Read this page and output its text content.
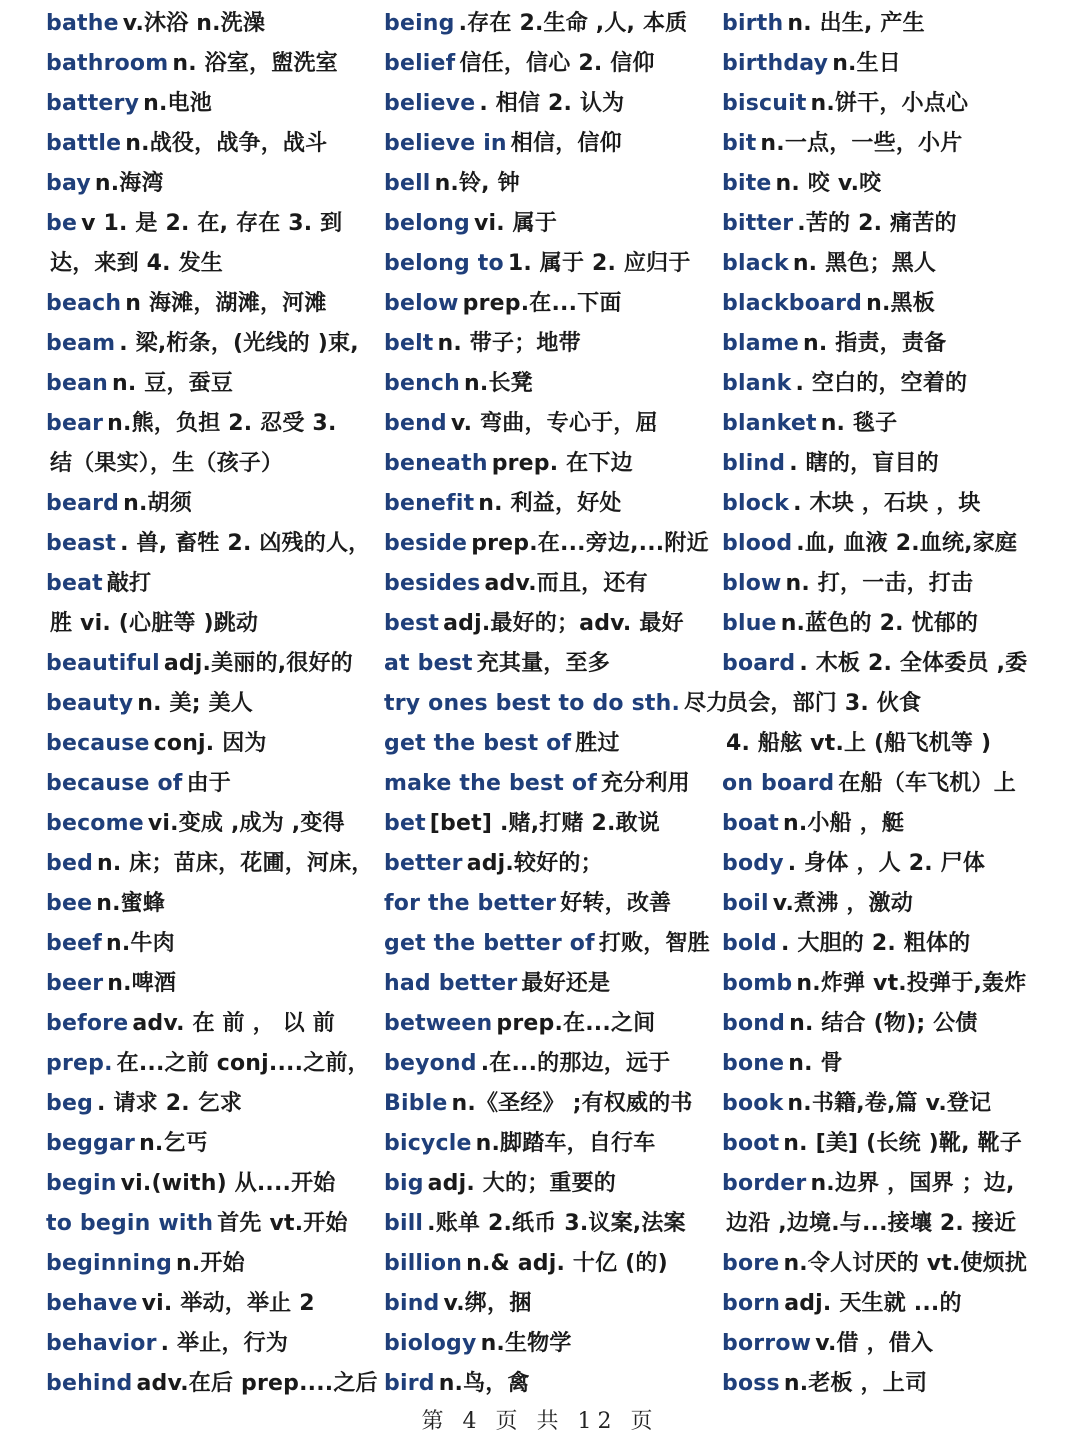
bathe v.沐浴 n.洗澡
bathroom n. 浴室，盥洗室
battery n.电池
battle n.战役，战争，战斗
bay n.海湾
be v 1. 是 2. 在, 存在 3. 到
达，来到 4. 发生
beach n 海滩，湖滩，河滩
beam . 梁,桁条，(光线的 )束,
bean n. 豆，蚕豆
bear n.熊，负担 2. 忍受 3.
结（果实），生（孩子）
beard n.胡须
beast . 兽, 畜牲 2. 凶残的人，
beat 敲打
胜 vi. (心脏等 )跳动
beautiful adj.美丽的,很好的
beauty n. 美; 美人
because conj. 因为
because of 由于
become vi.变成 ,成为 ,变得
bed n. 床；苗床，花圃，河床，
bee n.蜜蜂
beef n.牛肉
beer n.啤酒
before adv. 在 前 ， 以 前
prep. 在...之前 conj....之前，
beg . 请求 2. 乞求
beggar n.乞丐
begin vi.(with) 从....开始
to begin with 首先 vt.开始
beginning n.开始
behave vi. 举动，举止 2
behavior . 举止，行为
behind adv.在后 prep....之后
being .存在 2.生命 ,人, 本质
belief 信任，信心 2. 信仰
believe . 相信 2. 认为
believe in 相信，信仰
bell n.铃, 钟
belong vi. 属于
belong to 1. 属于 2. 应归于
below prep.在...下面
belt n. 带子；地带
bench n.长凳
bend v. 弯曲，专心于，屈
beneath prep. 在下边
benefit n. 利益，好处
beside prep.在...旁边,...附近
besides adv.而且，还有
best adj.最好的；adv. 最好
at best 充其量，至多
try ones best to do sth. 尽力
get the best of 胜过
make the best of 充分利用
bet [bet] .赌,打赌 2.敢说
better adj.较好的；
for the better 好转，改善
get the better of 打败，智胜
had better 最好还是
between prep.在...之间
beyond .在...的那边，远于
Bible n.《圣经》 ;有权威的书
bicycle n.脚踏车，自行车
big adj. 大的；重要的
bill .账单 2.纸币 3.议案,法案
billion n.& adj. 十亿 (的)
bind v.绑，捆
biology n.生物学
bird n.鸟，禽
birth n. 出生, 产生
birthday n.生日
biscuit n.饼干，小点心
bit n.一点，一些，小片
bite n. 咬 v.咬
bitter .苦的 2. 痛苦的
black n. 黑色；黑人
blackboard n.黑板
blame n. 指责，责备
blank . 空白的，空着的
blanket n. 毯子
blind . 瞎的，盲目的
block . 木块 ，石块 ，块
blood .血, 血液 2.血统,家庭
blow n. 打，一击，打击
blue n.蓝色的 2. 忧郁的
board . 木板 2. 全体委员 ,委
员会，部门 3. 伙食
4. 船舷 vt.上 (船飞机等 )
on board 在船（车飞机）上
boat n.小船 ，艇
body . 身体 ，人 2. 尸体
boil v.煮沸 ，激动
bold . 大胆的 2. 粗体的
bomb n.炸弹 vt.投弹于,轰炸
bond n. 结合 (物); 公债
bone n. 骨
book n.书籍,卷,篇 v.登记
boot n. [美] (长统 )靴, 靴子
border n.边界 ，国界 ；边,
边沿 ,边境.与...接壤 2. 接近
bore n.令人讨厌的 vt.使烦扰
born adj. 天生就 ...的
borrow v.借 ，借入
boss n.老板 ，上司
第 4 页 共 12 页
